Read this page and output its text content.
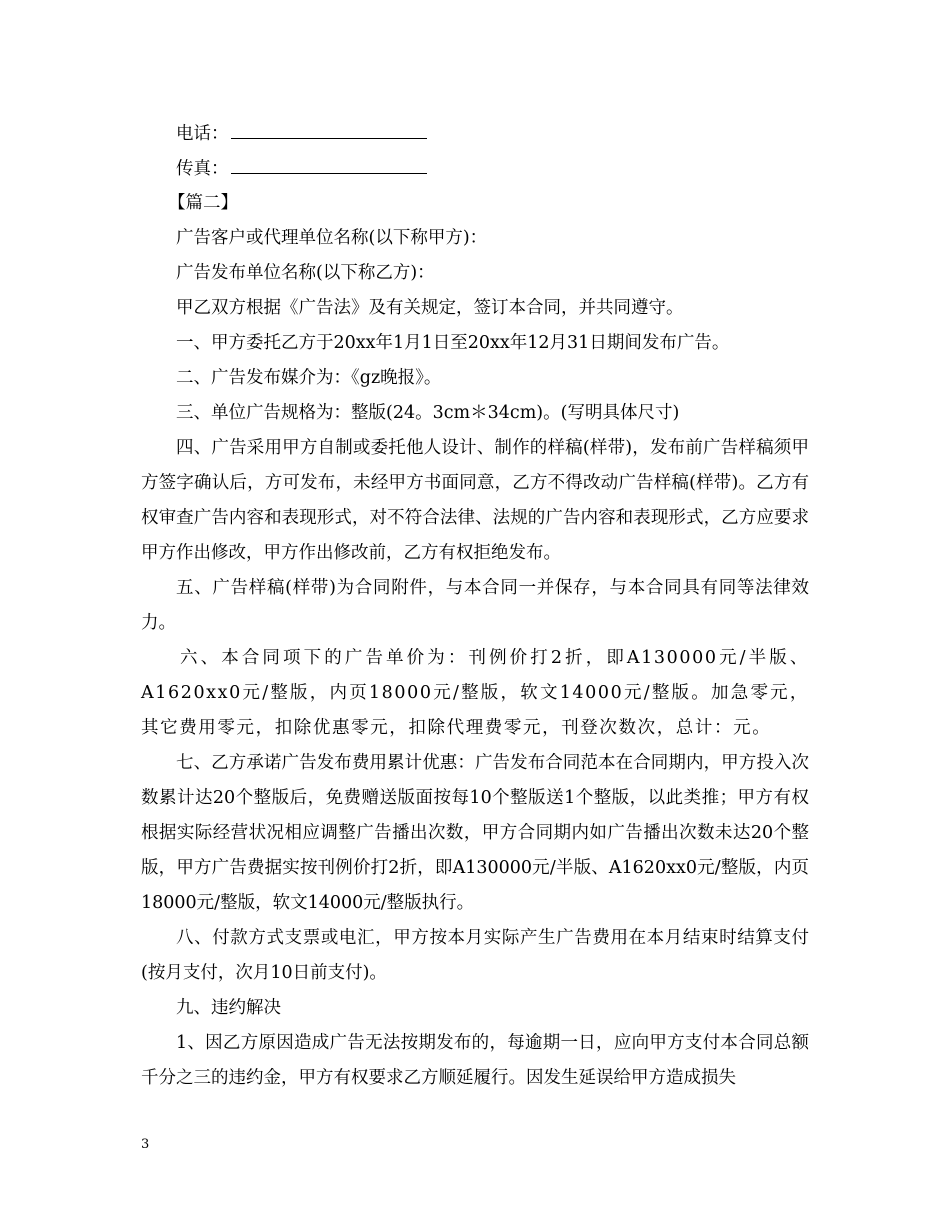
电话：
传真：
【篇二】
广告客户或代理单位名称(以下称甲方)：
广告发布单位名称(以下称乙方)：
甲乙双方根据《广告法》及有关规定，签订本合同，并共同遵守。
一、甲方委托乙方于20xx年1月1日至20xx年12月31日期间发布广告。
二、广告发布媒介为：《gz晚报》。
三、单位广告规格为：整版(24。3cm＊34cm)。(写明具体尺寸)

四、广告采用甲方自制或委托他人设计、制作的样稿(样带)，发布前广告样稿须甲方签字确认后，方可发布，未经甲方书面同意，乙方不得改动广告样稿(样带)。乙方有权审查广告内容和表现形式，对不符合法律、法规的广告内容和表现形式，乙方应要求甲方作出修改，甲方作出修改前，乙方有权拒绝发布。

五、广告样稿(样带)为合同附件，与本合同一并保存，与本合同具有同等法律效力。

六、本合同项下的广告单价为：刊例价打2折，即A130000元/半版、A1620xx0元/整版，内页18000元/整版，软文14000元/整版。加急零元，其它费用零元，扣除优惠零元，扣除代理费零元，刊登次数次，总计：元。

七、乙方承诺广告发布费用累计优惠：广告发布合同范本在合同期内，甲方投入次数累计达20个整版后，免费赠送版面按每10个整版送1个整版，以此类推；甲方有权根据实际经营状况相应调整广告播出次数，甲方合同期内如广告播出次数未达20个整版，甲方广告费据实按刊例价打2折，即A130000元/半版、A1620xx0元/整版，内页18000元/整版，软文14000元/整版执行。

八、付款方式支票或电汇，甲方按本月实际产生广告费用在本月结束时结算支付(按月支付，次月10日前支付)。

九、违约解决

1、因乙方原因造成广告无法按期发布的，每逾期一日，应向甲方支付本合同总额千分之三的违约金，甲方有权要求乙方顺延履行。因发生延误给甲方造成损失

3
